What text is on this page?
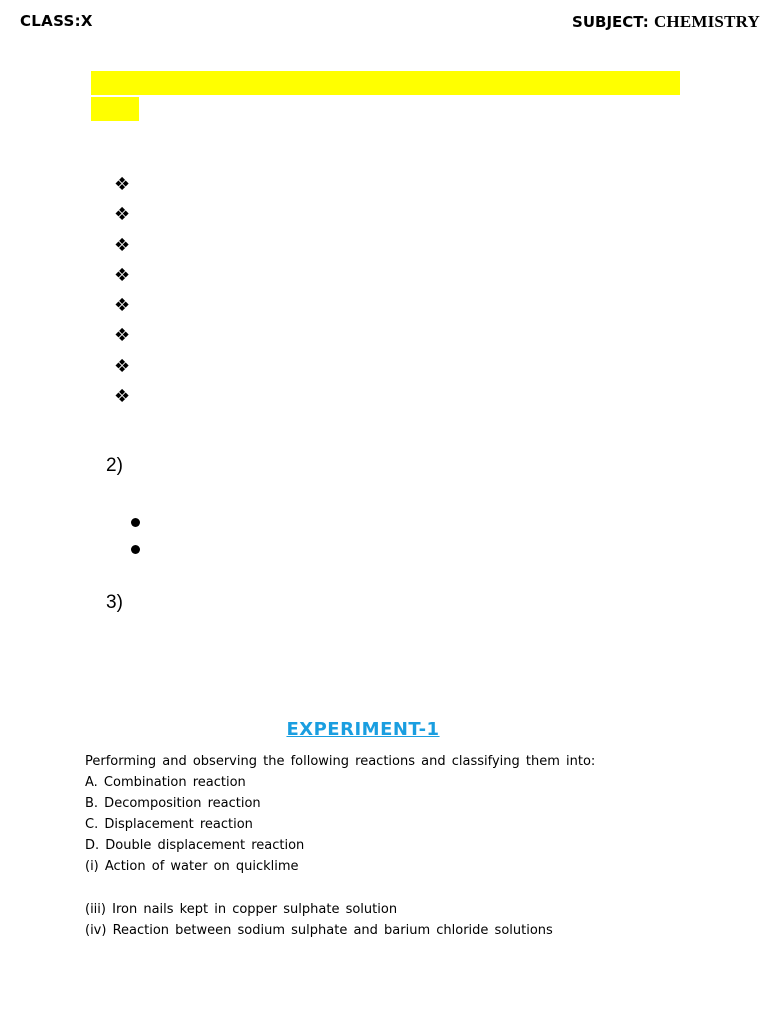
CLASS:X	SUBJECT: CHEMISTRY
❖
❖
❖
❖
❖
❖
❖
❖
2)
3)
EXPERIMENT-1
Performing and observing the following reactions and classifying them into:
A. Combination reaction
B. Decomposition reaction
C. Displacement reaction
D. Double displacement reaction
(i) Action of water on quicklime
(iii) Iron nails kept in copper sulphate solution
(iv) Reaction between sodium sulphate and barium chloride solutions
